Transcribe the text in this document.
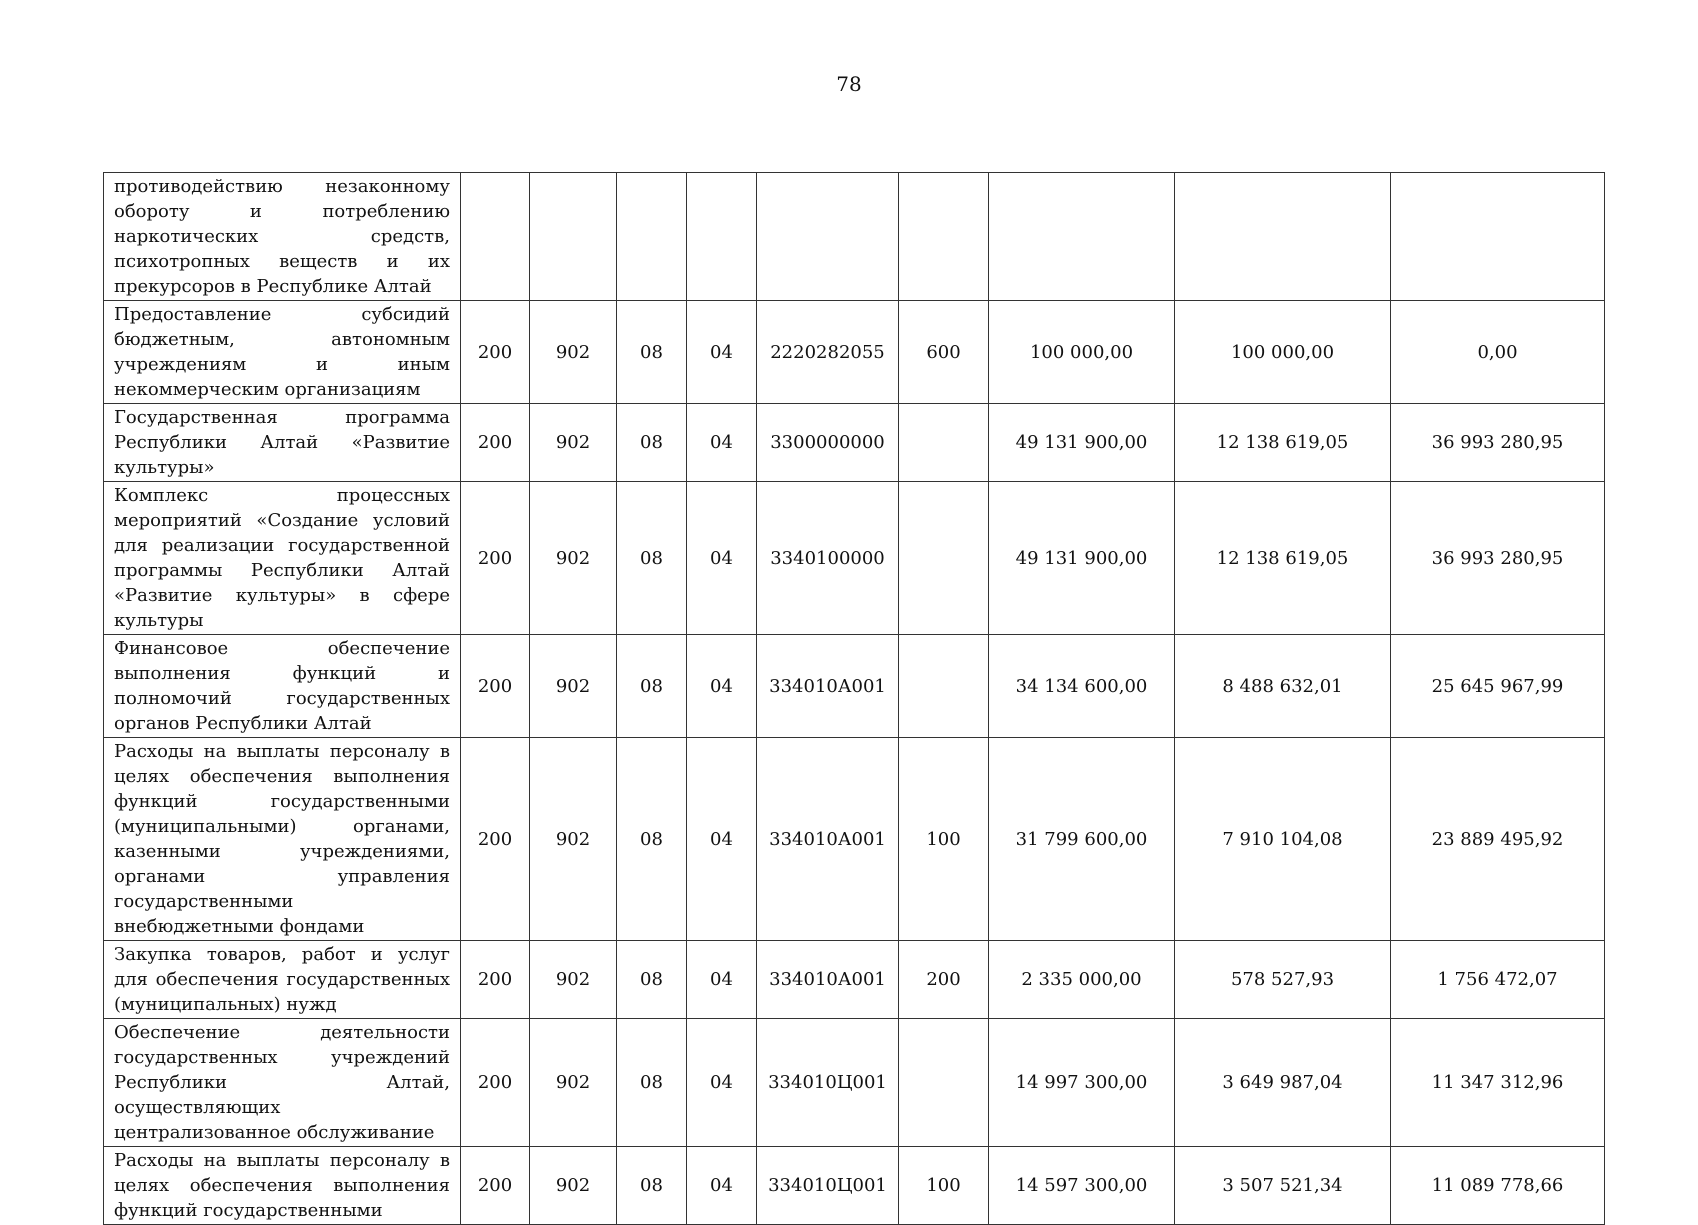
78
противодействию незаконному обороту и потреблению наркотических средств, психотропных веществ и их прекурсоров в Республике Алтай									
Предоставление субсидий бюджетным, автономным учреждениям и иным некоммерческим организациям	200	902	08	04	2220282055	600	100 000,00	100 000,00	0,00
Государственная программа Республики Алтай «Развитие культуры»	200	902	08	04	3300000000		49 131 900,00	12 138 619,05	36 993 280,95
Комплекс процессных мероприятий «Создание условий для реализации государственной программы Республики Алтай «Развитие культуры» в сфере культуры	200	902	08	04	3340100000		49 131 900,00	12 138 619,05	36 993 280,95
Финансовое обеспечение выполнения функций и полномочий государственных органов Республики Алтай	200	902	08	04	334010А001		34 134 600,00	8 488 632,01	25 645 967,99
Расходы на выплаты персоналу в целях обеспечения выполнения функций государственными (муниципальными) органами, казенными учреждениями, органами управления государственными внебюджетными фондами	200	902	08	04	334010А001	100	31 799 600,00	7 910 104,08	23 889 495,92
Закупка товаров, работ и услуг для обеспечения государственных (муниципальных) нужд	200	902	08	04	334010А001	200	2 335 000,00	578 527,93	1 756 472,07
Обеспечение деятельности государственных учреждений Республики Алтай, осуществляющих централизованное обслуживание	200	902	08	04	334010Ц001		14 997 300,00	3 649 987,04	11 347 312,96
Расходы на выплаты персоналу в целях обеспечения выполнения функций государственными	200	902	08	04	334010Ц001	100	14 597 300,00	3 507 521,34	11 089 778,66
